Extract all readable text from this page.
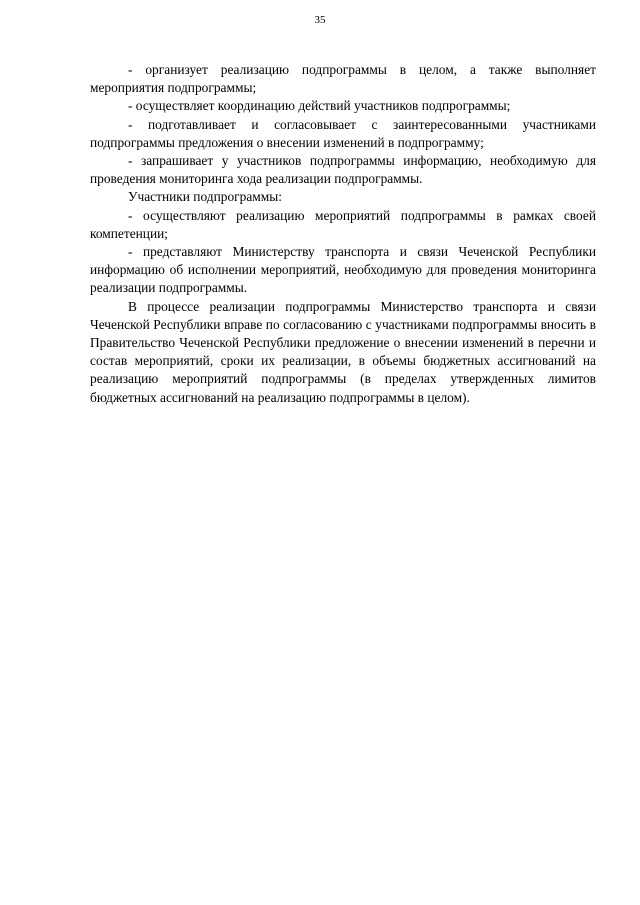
35

- организует реализацию подпрограммы в целом, а также выполняет мероприятия подпрограммы;

- осуществляет координацию действий участников подпрограммы;

- подготавливает и согласовывает с заинтересованными участниками подпрограммы предложения о внесении изменений в подпрограмму;

- запрашивает у участников подпрограммы информацию, необходимую для проведения мониторинга хода реализации подпрограммы.

Участники подпрограммы:

- осуществляют реализацию мероприятий подпрограммы в рамках своей компетенции;

- представляют Министерству транспорта и связи Чеченской Республики информацию об исполнении мероприятий, необходимую для проведения мониторинга реализации подпрограммы.

В процессе реализации подпрограммы Министерство транспорта и связи Чеченской Республики вправе по согласованию с участниками подпрограммы вносить в Правительство Чеченской Республики предложение о внесении изменений в перечни и состав мероприятий, сроки их реализации, в объемы бюджетных ассигнований на реализацию мероприятий подпрограммы (в пределах утвержденных лимитов бюджетных ассигнований на реализацию подпрограммы в целом).
